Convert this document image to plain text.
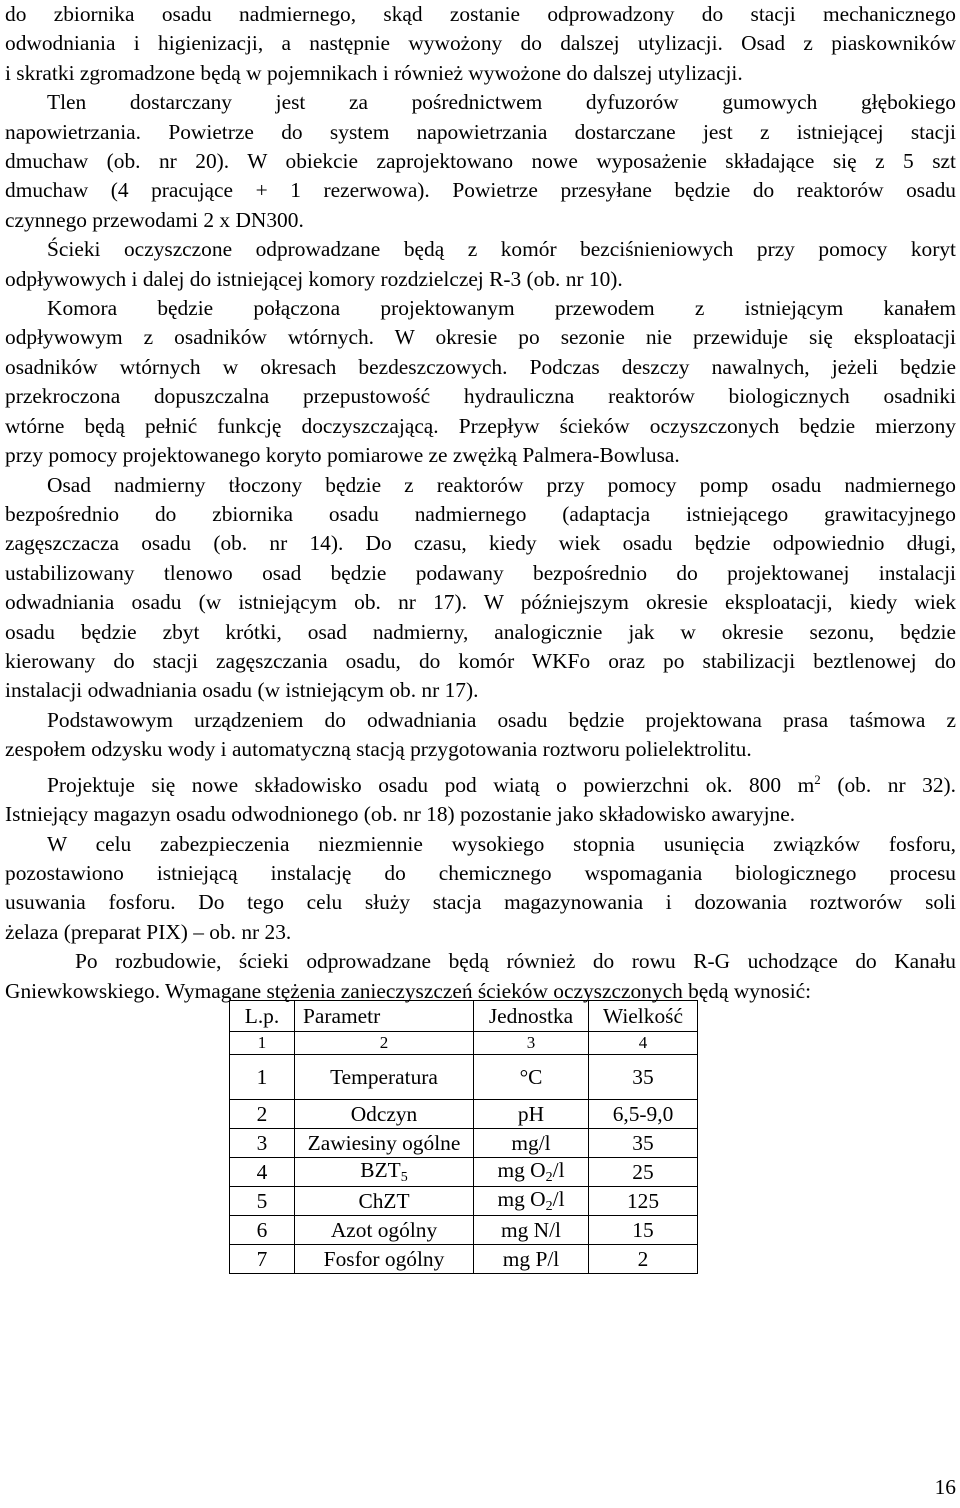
do zbiornika osadu nadmiernego, skąd zostanie odprowadzony do stacji mechanicznego
odwodniania i higienizacji, a następnie wywożony do dalszej utylizacji. Osad z piaskowników
i skratki zgromadzone będą w pojemnikach i również wywożone do dalszej utylizacji.
Tlen dostarczany jest za pośrednictwem dyfuzorów gumowych głębokiego
napowietrzania. Powietrze do system napowietrzania dostarczane jest z istniejącej stacji
dmuchaw (ob. nr 20). W obiekcie zaprojektowano nowe wyposażenie składające się z 5 szt
dmuchaw (4 pracujące + 1 rezerwowa). Powietrze przesyłane będzie do reaktorów osadu
czynnego przewodami 2 x DN300.
Ścieki oczyszczone odprowadzane będą z komór bezciśnieniowych przy pomocy koryt
odpływowych i dalej do istniejącej komory rozdzielczej R-3 (ob. nr 10).
Komora będzie połączona projektowanym przewodem z istniejącym kanałem
odpływowym z osadników wtórnych. W okresie po sezonie nie przewiduje się eksploatacji
osadników wtórnych w okresach bezdeszczowych. Podczas deszczy nawalnych, jeżeli będzie
przekroczona dopuszczalna przepustowość hydrauliczna reaktorów biologicznych osadniki
wtórne będą pełnić funkcję doczyszczającą. Przepływ ścieków oczyszczonych będzie mierzony
przy pomocy projektowanego koryto pomiarowe ze zwężką Palmera-Bowlusa.
Osad nadmierny tłoczony będzie z reaktorów przy pomocy pomp osadu nadmiernego
bezpośrednio do zbiornika osadu nadmiernego (adaptacja istniejącego grawitacyjnego
zagęszczacza osadu (ob. nr 14). Do czasu, kiedy wiek osadu będzie odpowiednio długi,
ustabilizowany tlenowo osad będzie podawany bezpośrednio do projektowanej instalacji
odwadniania osadu (w istniejącym ob. nr 17). W późniejszym okresie eksploatacji, kiedy wiek
osadu będzie zbyt krótki, osad nadmierny, analogicznie jak w okresie sezonu, będzie
kierowany do stacji zagęszczania osadu, do komór WKFo oraz po stabilizacji beztlenowej do
instalacji odwadniania osadu (w istniejącym ob. nr 17).
Podstawowym urządzeniem do odwadniania osadu będzie projektowana prasa taśmowa z
zespołem odzysku wody i automatyczną stacją przygotowania roztworu polielektrolitu.
Projektuje się nowe składowisko osadu pod wiatą o powierzchni ok. 800 $m^2$ (ob. nr 32).
Istniejący magazyn osadu odwodnionego (ob. nr 18) pozostanie jako składowisko awaryjne.
W celu zabezpieczenia niezmiennie wysokiego stopnia usunięcia związków fosforu,
pozostawiono istniejącą instalację do chemicznego wspomagania biologicznego procesu
usuwania fosforu. Do tego celu służy stacja magazynowania i dozowania roztworów soli
żelaza (preparat PIX) – ob. nr 23.
Po rozbudowie, ścieki odprowadzane będą również do rowu R-G uchodzące do Kanału
Gniewkowskiego. Wymagane stężenia zanieczyszczeń ścieków oczyszczonych będą wynosić:
L.p.	Parametr	Jednostka	Wielkość
1	2	3	4
1	Temperatura	°C	35
2	Odczyn	pH	6,5-9,0
3	Zawiesiny ogólne	mg/l	35
4	$BZT_5$	mg $O_2/l$	25
5	ChZT	mg $O_2/l$	125
6	Azot ogólny	mg N/l	15
7	Fosfor ogólny	mg P/l	2
16
